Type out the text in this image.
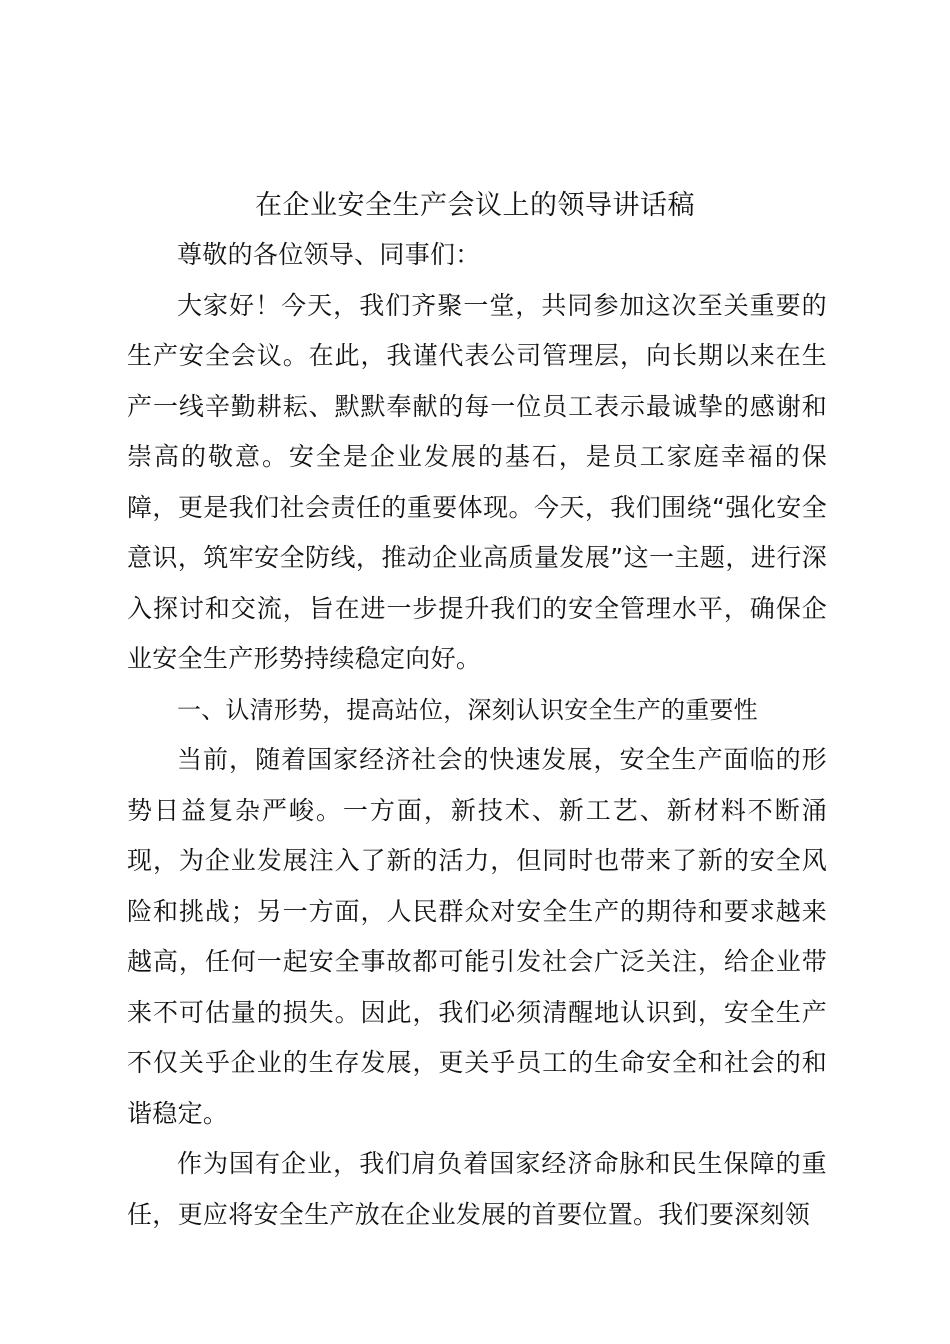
在企业安全生产会议上的领导讲话稿

尊敬的各位领导、同事们：

大家好！今天，我们齐聚一堂，共同参加这次至关重要的生产安全会议。在此，我谨代表公司管理层，向长期以来在生产一线辛勤耕耘、默默奉献的每一位员工表示最诚挚的感谢和崇高的敬意。安全是企业发展的基石，是员工家庭幸福的保障，更是我们社会责任的重要体现。今天，我们围绕“强化安全意识，筑牢安全防线，推动企业高质量发展”这一主题，进行深入探讨和交流，旨在进一步提升我们的安全管理水平，确保企业安全生产形势持续稳定向好。

一、认清形势，提高站位，深刻认识安全生产的重要性

当前，随着国家经济社会的快速发展，安全生产面临的形势日益复杂严峻。一方面，新技术、新工艺、新材料不断涌现，为企业发展注入了新的活力，但同时也带来了新的安全风险和挑战；另一方面，人民群众对安全生产的期待和要求越来越高，任何一起安全事故都可能引发社会广泛关注，给企业带来不可估量的损失。因此，我们必须清醒地认识到，安全生产不仅关乎企业的生存发展，更关乎员工的生命安全和社会的和谐稳定。

作为国有企业，我们肩负着国家经济命脉和民生保障的重任，更应将安全生产放在企业发展的首要位置。我们要深刻领
